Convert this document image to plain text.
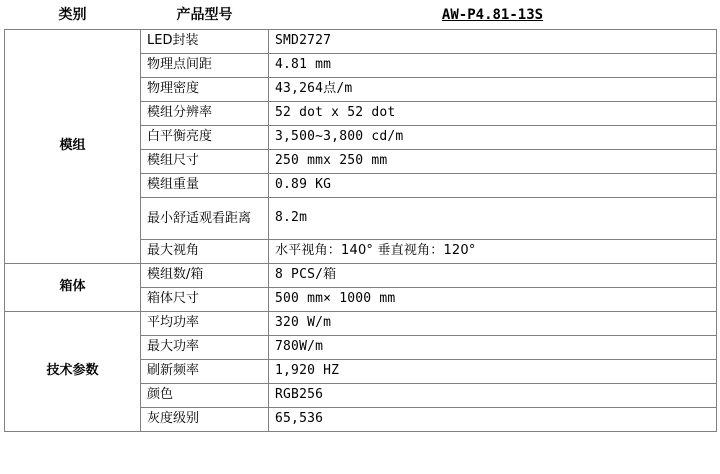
类别	产品型号	AW-P4.81-13S
模组	LED封装	SMD2727
	物理点间距	4.81 mm
	物理密度	43,264点/m
	模组分辨率	52 dot x 52 dot
	白平衡亮度	3,500~3,800 cd/m
	模组尺寸	250 mmx 250 mm
	模组重量	0.89 KG
	最小舒适观看距离	8.2m
	最大视角	水平视角：140° 垂直视角：120°
箱体	模组数/箱	8 PCS/箱
	箱体尺寸	500 mm× 1000 mm
技术参数	平均功率	320 W/m
	最大功率	780W/m
	刷新频率	1,920 HZ
	颜色	RGB256
	灰度级别	65,536
